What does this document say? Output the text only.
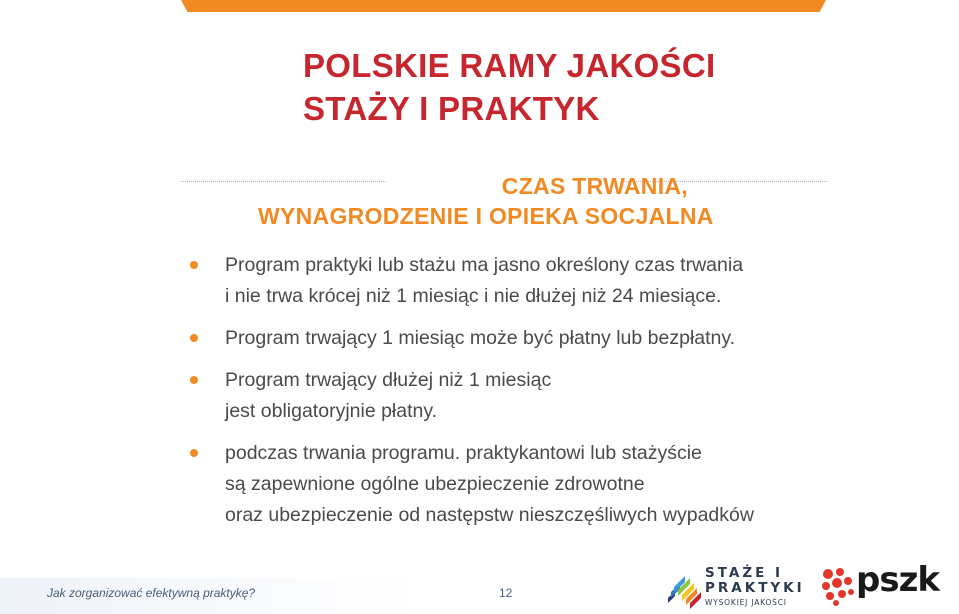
POLSKIE RAMY JAKOŚCI
STAŻY I PRAKTYK
CZAS TRWANIA,
WYNAGRODZENIE I OPIEKA SOCJALNA
Program praktyki lub stażu ma jasno określony czas trwania
i nie trwa krócej niż 1 miesiąc i nie dłużej niż 24 miesiące.
Program trwający 1 miesiąc może być płatny lub bezpłatny.
Program trwający dłużej niż 1 miesiąc
jest obligatoryjnie płatny.
podczas trwania programu. praktykantowi lub stażyście
są zapewnione ogólne ubezpieczenie zdrowotne
oraz ubezpieczenie od następstw nieszczęśliwych wypadków
Jak zorganizować efektywną praktykę?	12
STAŻE I
PRAKTYKI
WYSOKIEJ JAKOŚCI
pszk
